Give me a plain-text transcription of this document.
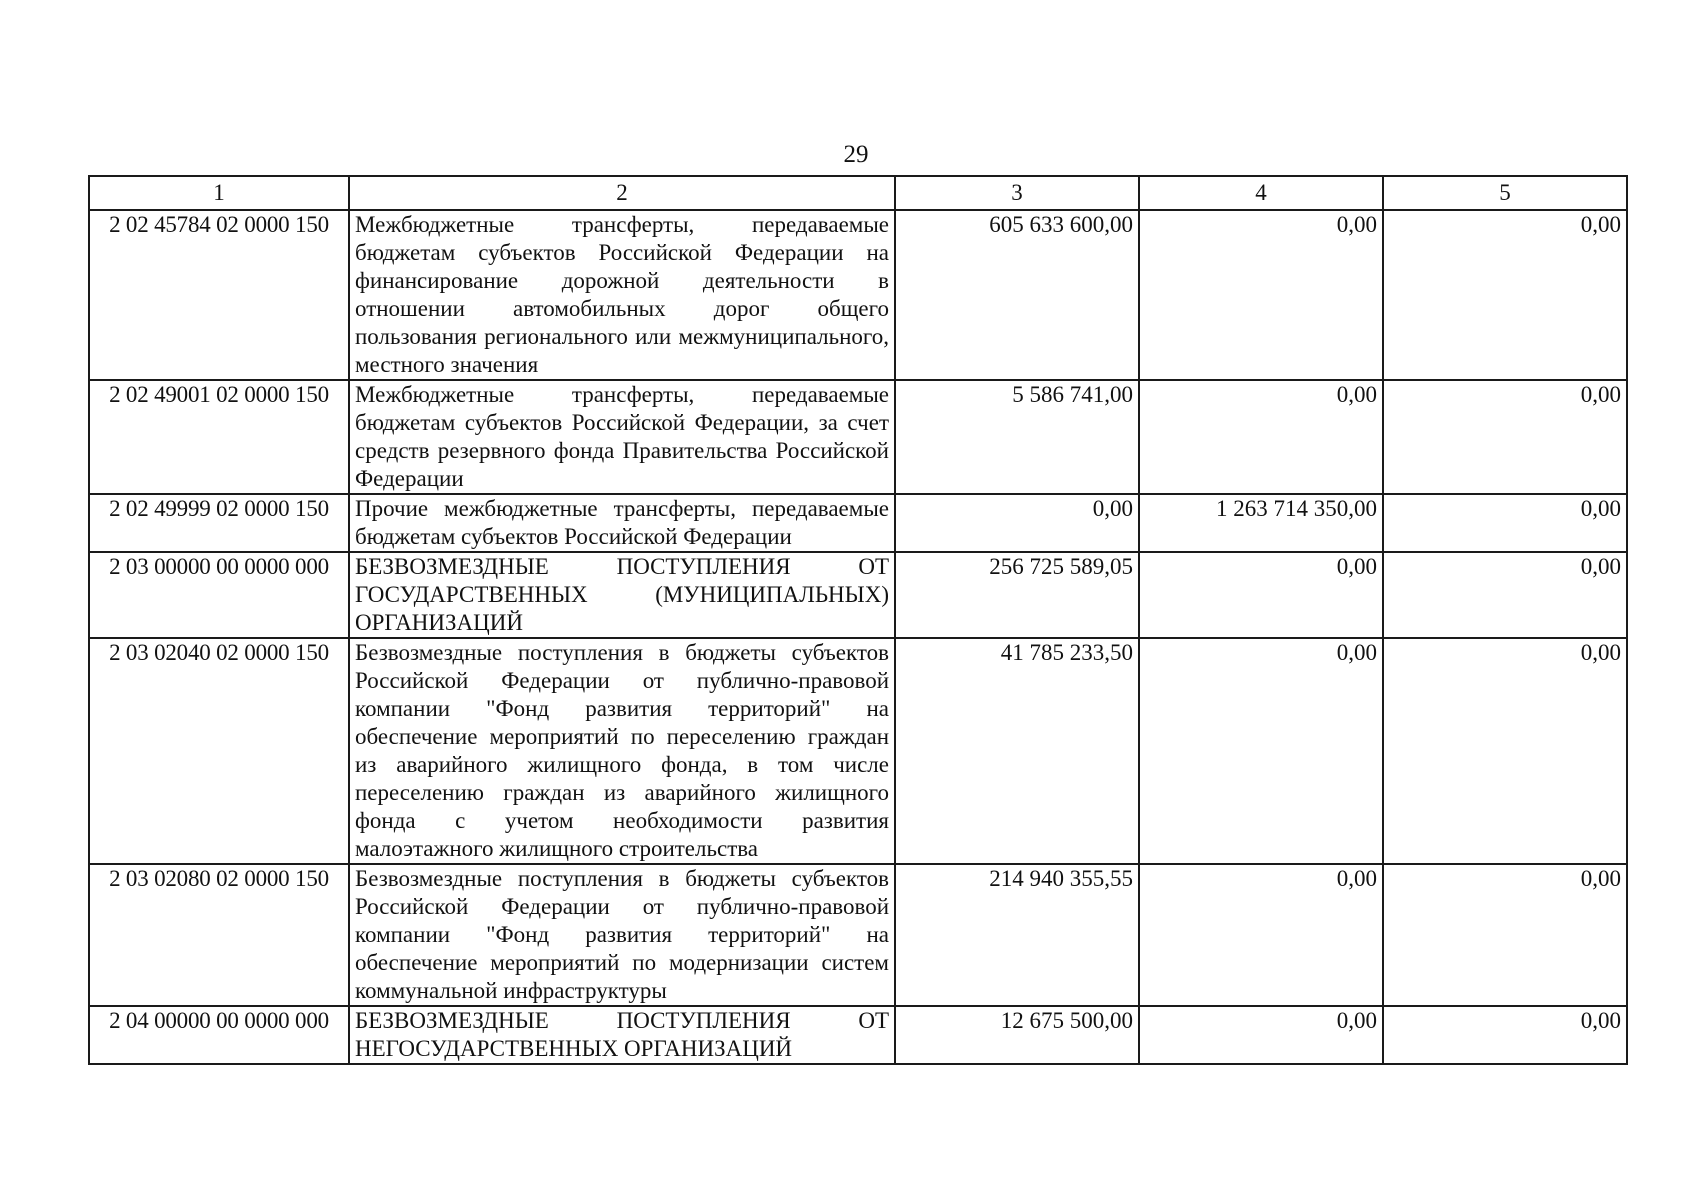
29
1	2	3	4	5
2 02 45784 02 0000 150	Межбюджетные трансферты, передаваемые бюджетам субъектов Российской Федерации на финансирование дорожной деятельности в отношении автомобильных дорог общего пользования регионального или межмуниципального, местного значения	605 633 600,00	0,00	0,00
2 02 49001 02 0000 150	Межбюджетные трансферты, передаваемые бюджетам субъектов Российской Федерации, за счет средств резервного фонда Правительства Российской Федерации	5 586 741,00	0,00	0,00
2 02 49999 02 0000 150	Прочие межбюджетные трансферты, передаваемые бюджетам субъектов Российской Федерации	0,00	1 263 714 350,00	0,00
2 03 00000 00 0000 000	БЕЗВОЗМЕЗДНЫЕ ПОСТУПЛЕНИЯ ОТ ГОСУДАРСТВЕННЫХ (МУНИЦИПАЛЬНЫХ) ОРГАНИЗАЦИЙ	256 725 589,05	0,00	0,00
2 03 02040 02 0000 150	Безвозмездные поступления в бюджеты субъектов Российской Федерации от публично-правовой компании "Фонд развития территорий" на обеспечение мероприятий по переселению граждан из аварийного жилищного фонда, в том числе переселению граждан из аварийного жилищного фонда с учетом необходимости развития малоэтажного жилищного строительства	41 785 233,50	0,00	0,00
2 03 02080 02 0000 150	Безвозмездные поступления в бюджеты субъектов Российской Федерации от публично-правовой компании "Фонд развития территорий" на обеспечение мероприятий по модернизации систем коммунальной инфраструктуры	214 940 355,55	0,00	0,00
2 04 00000 00 0000 000	БЕЗВОЗМЕЗДНЫЕ ПОСТУПЛЕНИЯ ОТ НЕГОСУДАРСТВЕННЫХ ОРГАНИЗАЦИЙ	12 675 500,00	0,00	0,00
